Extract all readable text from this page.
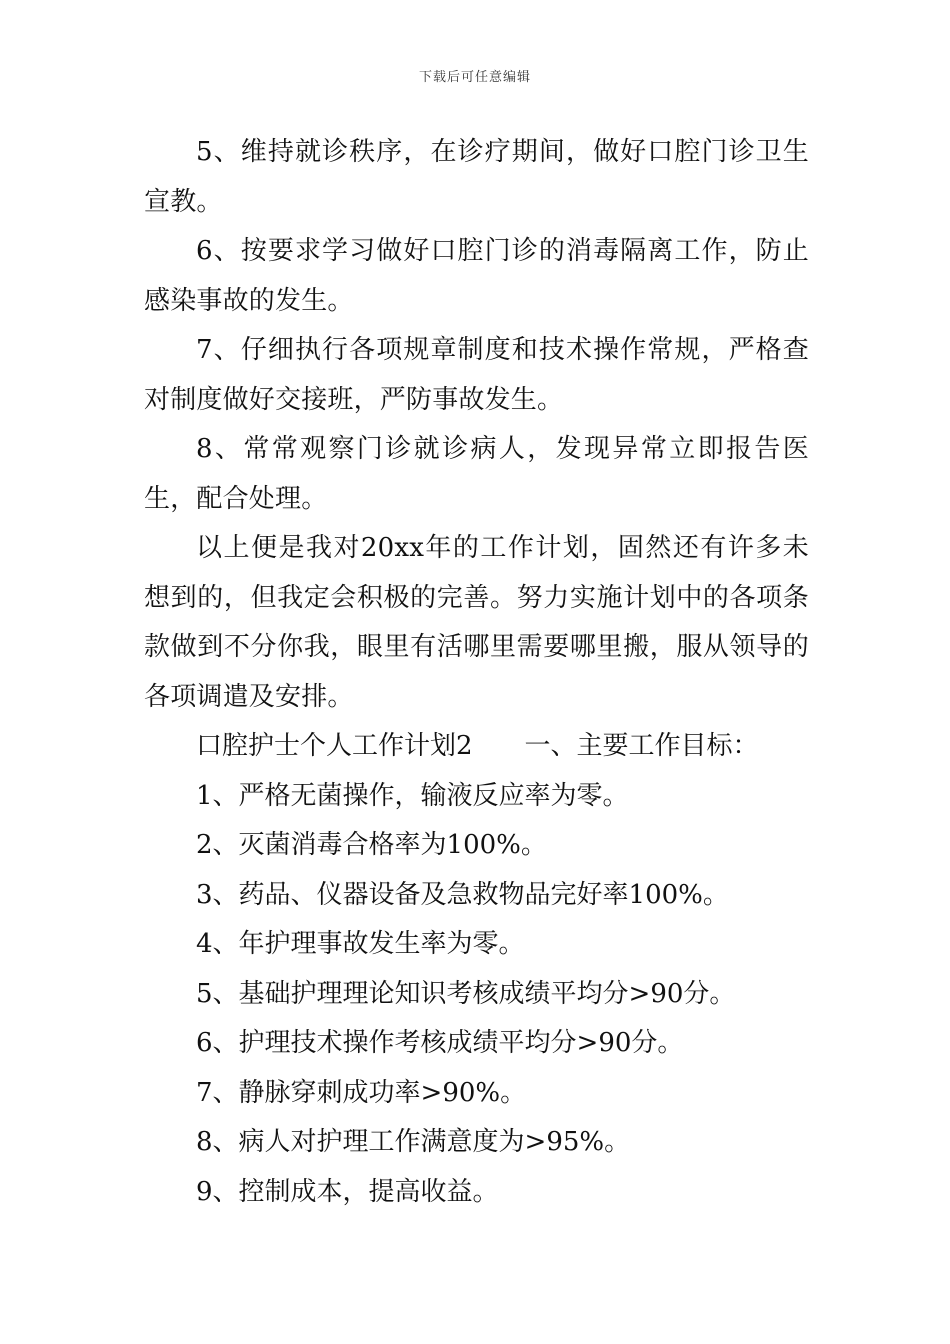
下载后可任意编辑

5、维持就诊秩序，在诊疗期间，做好口腔门诊卫生宣教。

6、按要求学习做好口腔门诊的消毒隔离工作，防止感染事故的发生。

7、仔细执行各项规章制度和技术操作常规，严格查对制度做好交接班，严防事故发生。

8、常常观察门诊就诊病人，发现异常立即报告医生，配合处理。

以上便是我对20xx年的工作计划，固然还有许多未想到的，但我定会积极的完善。努力实施计划中的各项条款做到不分你我，眼里有活哪里需要哪里搬，服从领导的各项调遣及安排。

口腔护士个人工作计划2 一、主要工作目标：

1、严格无菌操作，输液反应率为零。

2、灭菌消毒合格率为100%。

3、药品、仪器设备及急救物品完好率100%。

4、年护理事故发生率为零。

5、基础护理理论知识考核成绩平均分>90分。

6、护理技术操作考核成绩平均分>90分。

7、静脉穿刺成功率>90%。

8、病人对护理工作满意度为>95%。

9、控制成本，提高收益。
